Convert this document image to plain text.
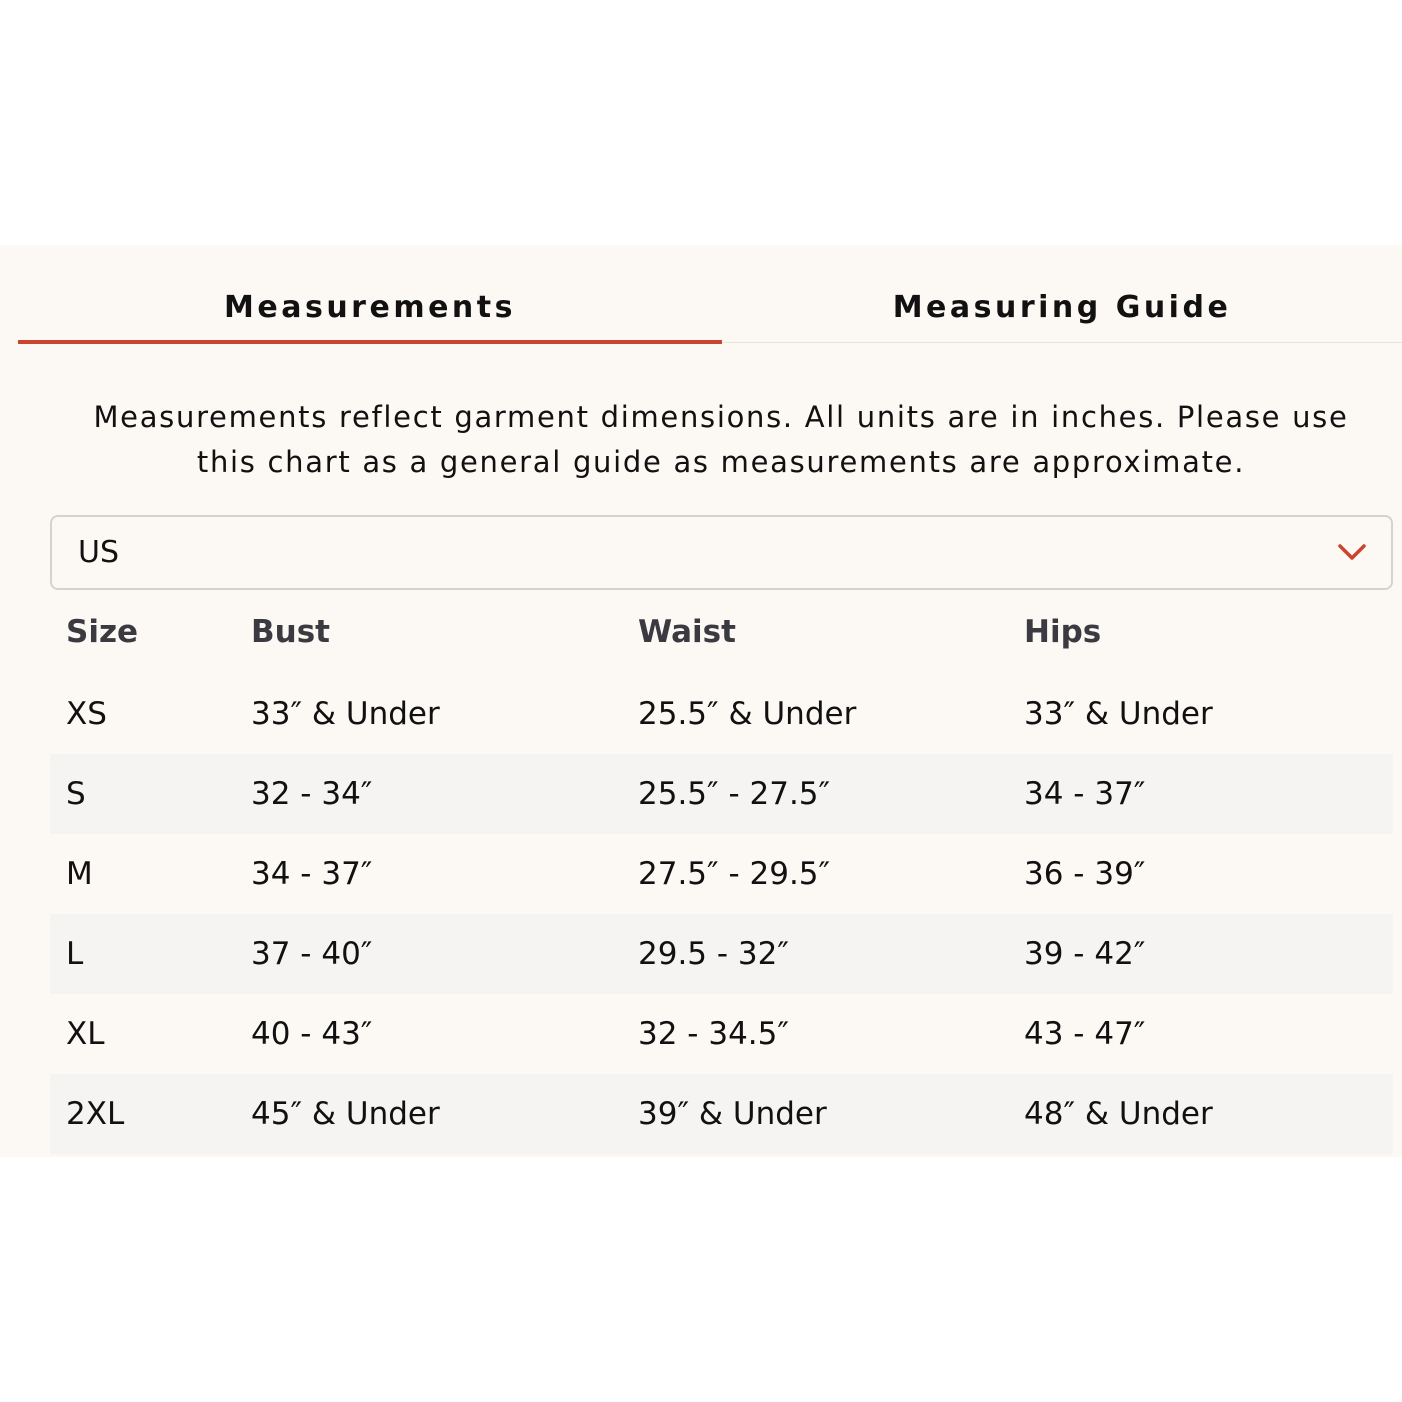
Measurements	Measuring Guide
Measurements reflect garment dimensions. All units are in inches. Please use
this chart as a general guide as measurements are approximate.
US
Size	Bust	Waist	Hips
XS	33″ & Under	25.5″ & Under	33″ & Under
S	32 - 34″	25.5″ - 27.5″	34 - 37″
M	34 - 37″	27.5″ - 29.5″	36 - 39″
L	37 - 40″	29.5 - 32″	39 - 42″
XL	40 - 43″	32 - 34.5″	43 - 47″
2XL	45″ & Under	39″ & Under	48″ & Under
